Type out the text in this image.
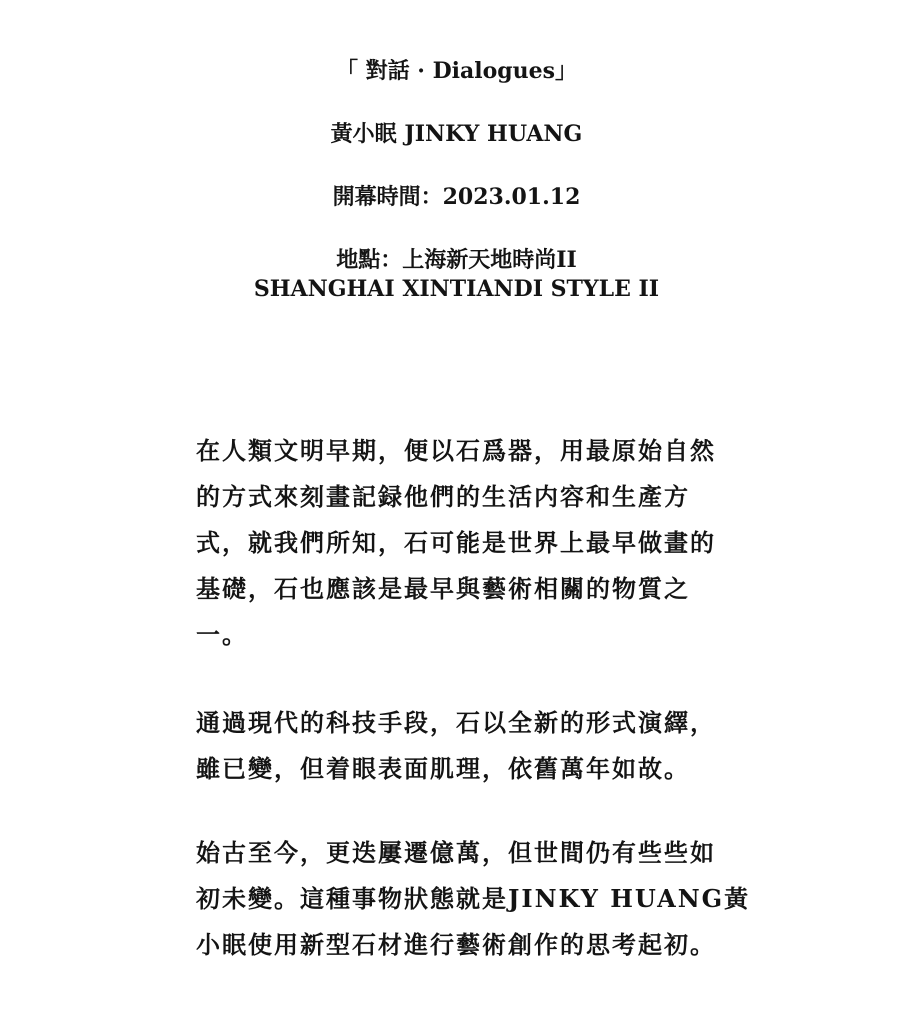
「 對話 · Dialogues」
黃小眠 JINKY HUANG
開幕時間：2023.01.12
地點：上海新天地時尚II
SHANGHAI XINTIANDI STYLE II
在人類文明早期，便以石爲器，用最原始自然
的方式來刻畫記録他們的生活内容和生產方
式，就我們所知，石可能是世界上最早做畫的
基礎，石也應該是最早與藝術相關的物質之
一。
通過現代的科技手段，石以全新的形式演繹，
雖已變，但着眼表面肌理，依舊萬年如故。
始古至今，更迭屢遷億萬，但世間仍有些些如
初未變。這種事物狀態就是JINKY HUANG黃
小眠使用新型石材進行藝術創作的思考起初。
